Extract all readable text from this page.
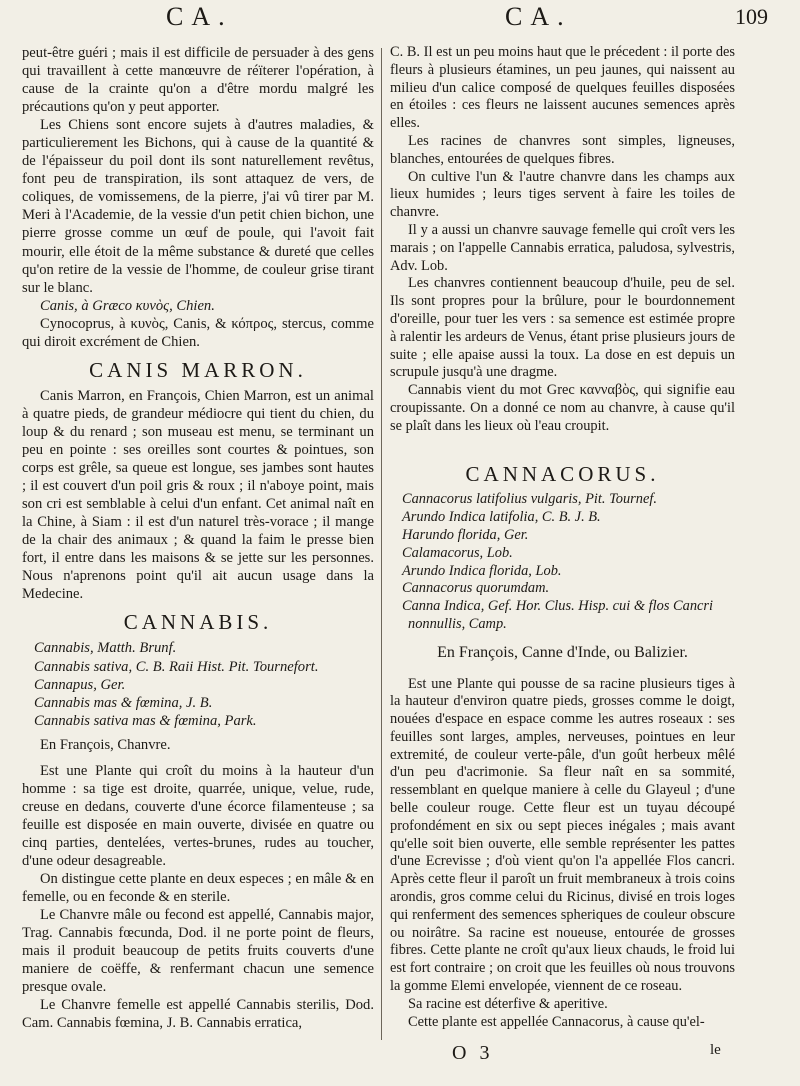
CA.	CA.	109

peut-être guéri ; mais il est difficile de persuader à des gens qui travaillent à cette manœuvre de réïterer l'opération, à cause de la crainte qu'on a d'être mordu malgré les précautions qu'on y peut apporter.

Les Chiens sont encore sujets à d'autres maladies, & particulierement les Bichons, qui à cause de la quantité & de l'épaisseur du poil dont ils sont naturellement revêtus, font peu de transpiration, ils sont attaquez de vers, de coliques, de vomissemens, de la pierre, j'ai vû tirer par M. Meri à l'Academie, de la vessie d'un petit chien bichon, une pierre grosse comme un œuf de poule, qui l'avoit fait mourir, elle étoit de la même substance & dureté que celles qu'on retire de la vessie de l'homme, de couleur grise tirant sur le blanc.

Canis, à Græco κυνὸς, Chien.

Cynocoprus, à κυνὸς, Canis, & κόπρος, stercus, comme qui diroit excrément de Chien.

CANIS MARRON.

Canis Marron, en François, Chien Marron, est un animal à quatre pieds, de grandeur médiocre qui tient du chien, du loup & du renard ; son museau est menu, se terminant un peu en pointe : ses oreilles sont courtes & pointues, son corps est grêle, sa queue est longue, ses jambes sont hautes ; il est couvert d'un poil gris & roux ; il n'aboye point, mais son cri est semblable à celui d'un enfant. Cet animal naît en la Chine, à Siam : il est d'un naturel très-vorace ; il mange de la chair des animaux ; & quand la faim le presse bien fort, il entre dans les maisons & se jette sur les personnes. Nous n'aprenons point qu'il ait aucun usage dans la Medecine.

CANNABIS.

Cannabis, Matth. Brunf.

Cannabis sativa, C. B. Raii Hist. Pit. Tournefort.

Cannapus, Ger.

Cannabis mas & fœmina, J. B.

Cannabis sativa mas & fœmina, Park.

En François, Chanvre.

Est une Plante qui croît du moins à la hauteur d'un homme : sa tige est droite, quarrée, unique, velue, rude, creuse en dedans, couverte d'une écorce filamenteuse ; sa feuille est disposée en main ouverte, divisée en quatre ou cinq parties, dentelées, vertes-brunes, rudes au toucher, d'une odeur desagreable.

On distingue cette plante en deux especes ; en mâle & en femelle, ou en feconde & en sterile.

Le Chanvre mâle ou fecond est appellé, Cannabis major, Trag. Cannabis fœcunda, Dod. il ne porte point de fleurs, mais il produit beaucoup de petits fruits couverts d'une maniere de coëffe, & renfermant chacun une semence presque ovale.

Le Chanvre femelle est appellé Cannabis sterilis, Dod. Cam. Cannabis fœmina, J. B. Cannabis erratica,

C. B. Il est un peu moins haut que le précedent : il porte des fleurs à plusieurs étamines, un peu jaunes, qui naissent au milieu d'un calice composé de quelques feuilles disposées en étoiles : ces fleurs ne laissent aucunes semences après elles.

Les racines de chanvres sont simples, ligneuses, blanches, entourées de quelques fibres.

On cultive l'un & l'autre chanvre dans les champs aux lieux humides ; leurs tiges servent à faire les toiles de chanvre.

Il y a aussi un chanvre sauvage femelle qui croît vers les marais ; on l'appelle Cannabis erratica, paludosa, sylvestris, Adv. Lob.

Les chanvres contiennent beaucoup d'huile, peu de sel. Ils sont propres pour la brûlure, pour le bourdonnement d'oreille, pour tuer les vers : sa semence est estimée propre à ralentir les ardeurs de Venus, étant prise plusieurs jours de suite ; elle apaise aussi la toux. La dose en est depuis un scrupule jusqu'à une dragme.

Cannabis vient du mot Grec κανναβὸς, qui signifie eau croupissante. On a donné ce nom au chanvre, à cause qu'il se plaît dans les lieux où l'eau croupit.

CANNACORUS.

Cannacorus latifolius vulgaris, Pit. Tournef.

Arundo Indica latifolia, C. B. J. B.

Harundo florida, Ger.

Calamacorus, Lob.

Arundo Indica florida, Lob.

Cannacorus quorumdam.

Canna Indica, Gef. Hor. Clus. Hisp. cui & flos Cancri nonnullis, Camp.

En François, Canne d'Inde, ou Balizier.

Est une Plante qui pousse de sa racine plusieurs tiges à la hauteur d'environ quatre pieds, grosses comme le doigt, nouées d'espace en espace comme les autres roseaux : ses feuilles sont larges, amples, nerveuses, pointues en leur extremité, de couleur verte-pâle, d'un goût herbeux mêlé d'un peu d'acrimonie. Sa fleur naît en sa sommité, ressemblant en quelque maniere à celle du Glayeul ; d'une belle couleur rouge. Cette fleur est un tuyau découpé profondément en six ou sept pieces inégales ; mais avant qu'elle soit bien ouverte, elle semble représenter les pattes d'une Ecrevisse ; d'où vient qu'on l'a appellée Flos cancri. Après cette fleur il paroît un fruit membraneux à trois coins arondis, gros comme celui du Ricinus, divisé en trois loges qui renferment des semences spheriques de couleur obscure ou noirâtre. Sa racine est noueuse, entourée de grosses fibres. Cette plante ne croît qu'aux lieux chauds, le froid lui est fort contraire ; on croit que les feuilles où nous trouvons la gomme Elemi envelopée, viennent de ce roseau.

Sa racine est déterfive & aperitive.

Cette plante est appellée Cannacorus, à cause qu'el-

O 3	le
